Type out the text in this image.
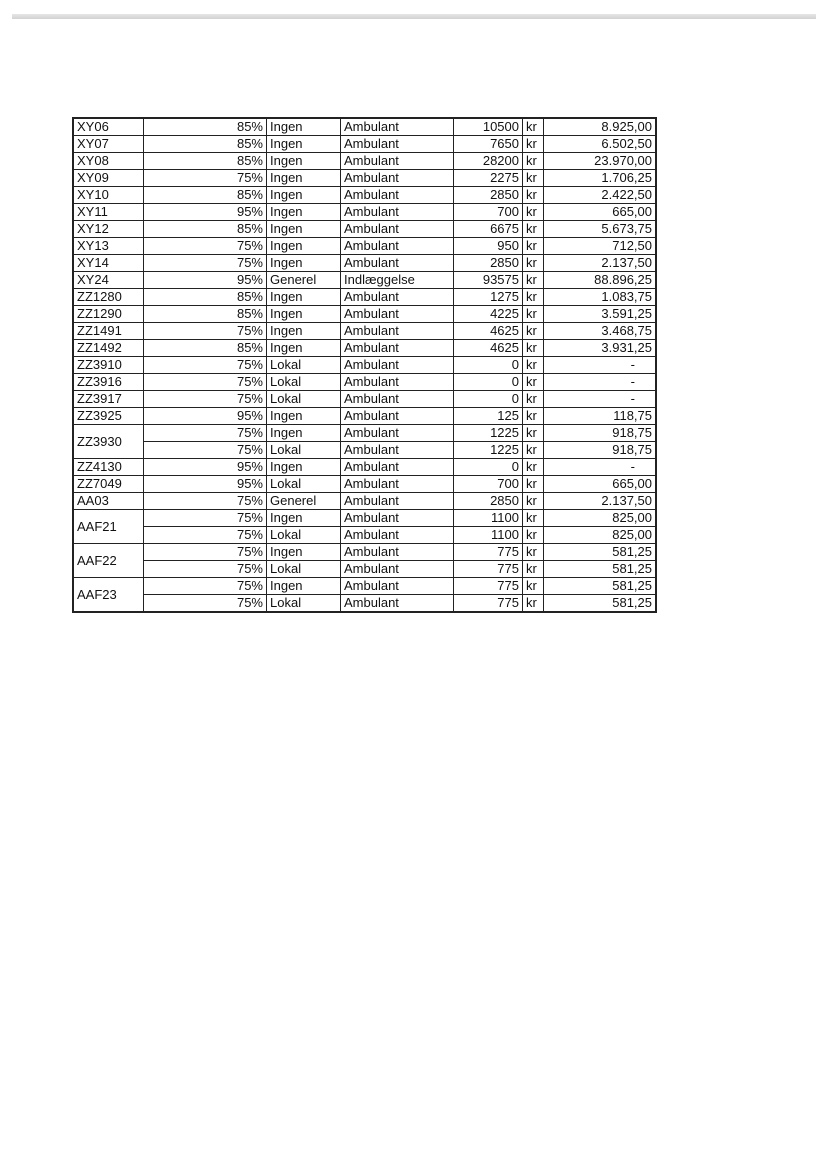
XY06	85%	Ingen	Ambulant	10500	kr	8.925,00
XY07	85%	Ingen	Ambulant	7650	kr	6.502,50
XY08	85%	Ingen	Ambulant	28200	kr	23.970,00
XY09	75%	Ingen	Ambulant	2275	kr	1.706,25
XY10	85%	Ingen	Ambulant	2850	kr	2.422,50
XY11	95%	Ingen	Ambulant	700	kr	665,00
XY12	85%	Ingen	Ambulant	6675	kr	5.673,75
XY13	75%	Ingen	Ambulant	950	kr	712,50
XY14	75%	Ingen	Ambulant	2850	kr	2.137,50
XY24	95%	Generel	Indlæggelse	93575	kr	88.896,25
ZZ1280	85%	Ingen	Ambulant	1275	kr	1.083,75
ZZ1290	85%	Ingen	Ambulant	4225	kr	3.591,25
ZZ1491	75%	Ingen	Ambulant	4625	kr	3.468,75
ZZ1492	85%	Ingen	Ambulant	4625	kr	3.931,25
ZZ3910	75%	Lokal	Ambulant	0	kr	-
ZZ3916	75%	Lokal	Ambulant	0	kr	-
ZZ3917	75%	Lokal	Ambulant	0	kr	-
ZZ3925	95%	Ingen	Ambulant	125	kr	118,75
ZZ3930	75%	Ingen	Ambulant	1225	kr	918,75
	75%	Lokal	Ambulant	1225	kr	918,75
ZZ4130	95%	Ingen	Ambulant	0	kr	-
ZZ7049	95%	Lokal	Ambulant	700	kr	665,00
AA03	75%	Generel	Ambulant	2850	kr	2.137,50
AAF21	75%	Ingen	Ambulant	1100	kr	825,00
	75%	Lokal	Ambulant	1100	kr	825,00
AAF22	75%	Ingen	Ambulant	775	kr	581,25
	75%	Lokal	Ambulant	775	kr	581,25
AAF23	75%	Ingen	Ambulant	775	kr	581,25
	75%	Lokal	Ambulant	775	kr	581,25
